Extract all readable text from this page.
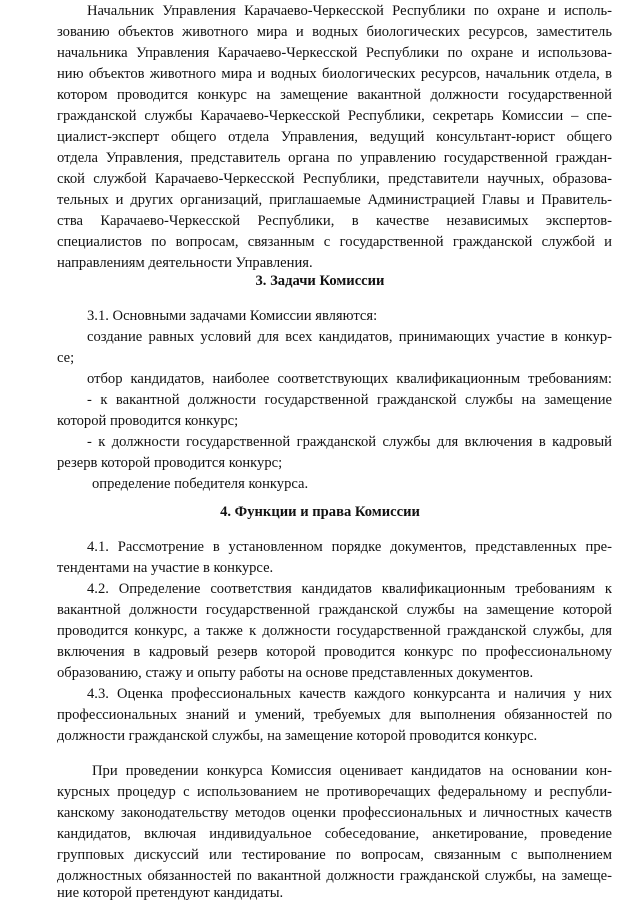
Начальник Управления Карачаево-Черкесской Республики по охране и исполь-
зованию объектов животного мира и водных биологических ресурсов, заместитель
начальника Управления Карачаево-Черкесской Республики по охране и использова-
нию объектов животного мира и водных биологических ресурсов, начальник отдела, в
котором проводится конкурс на замещение вакантной должности государственной
гражданской службы Карачаево-Черкесской Республики, секретарь Комиссии – спе-
циалист-эксперт общего отдела Управления, ведущий консультант-юрист общего
отдела Управления, представитель органа по управлению государственной граждан-
ской службой Карачаево-Черкесской Республики, представители научных, образова-
тельных и других организаций, приглашаемые Администрацией Главы и Правитель-
ства Карачаево-Черкесской Республики, в качестве независимых экспертов-
специалистов по вопросам, связанным с государственной гражданской службой и
направлениям деятельности Управления.
3. Задачи Комиссии
3.1. Основными задачами Комиссии являются:
создание равных условий для всех кандидатов, принимающих участие в конкур-
се;
отбор кандидатов, наиболее соответствующих квалификационным требованиям:
- к вакантной должности государственной гражданской службы на замещение
которой проводится конкурс;
- к должности государственной гражданской службы для включения в кадровый
резерв которой проводится конкурс;
определение победителя конкурса.
4. Функции и права Комиссии
4.1. Рассмотрение в установленном порядке документов, представленных пре-
тендентами на участие в конкурсе.
4.2. Определение соответствия кандидатов квалификационным требованиям к
вакантной должности государственной гражданской службы на замещение которой
проводится конкурс, а также к должности государственной гражданской службы, для
включения в кадровый резерв которой проводится конкурс по профессиональному
образованию, стажу и опыту работы на основе представленных документов.
4.3. Оценка профессиональных качеств каждого конкурсанта и наличия у них
профессиональных знаний и умений, требуемых для выполнения обязанностей по
должности гражданской службы, на замещение которой проводится конкурс.
При проведении конкурса Комиссия оценивает кандидатов на основании кон-
курсных процедур с использованием не противоречащих федеральному и республи-
канскому законодательству методов оценки профессиональных и личностных качеств
кандидатов, включая индивидуальное собеседование, анкетирование, проведение
групповых дискуссий или тестирование по вопросам, связанным с выполнением
должностных обязанностей по вакантной должности гражданской службы, на замеще-
ние которой претендуют кандидаты.
